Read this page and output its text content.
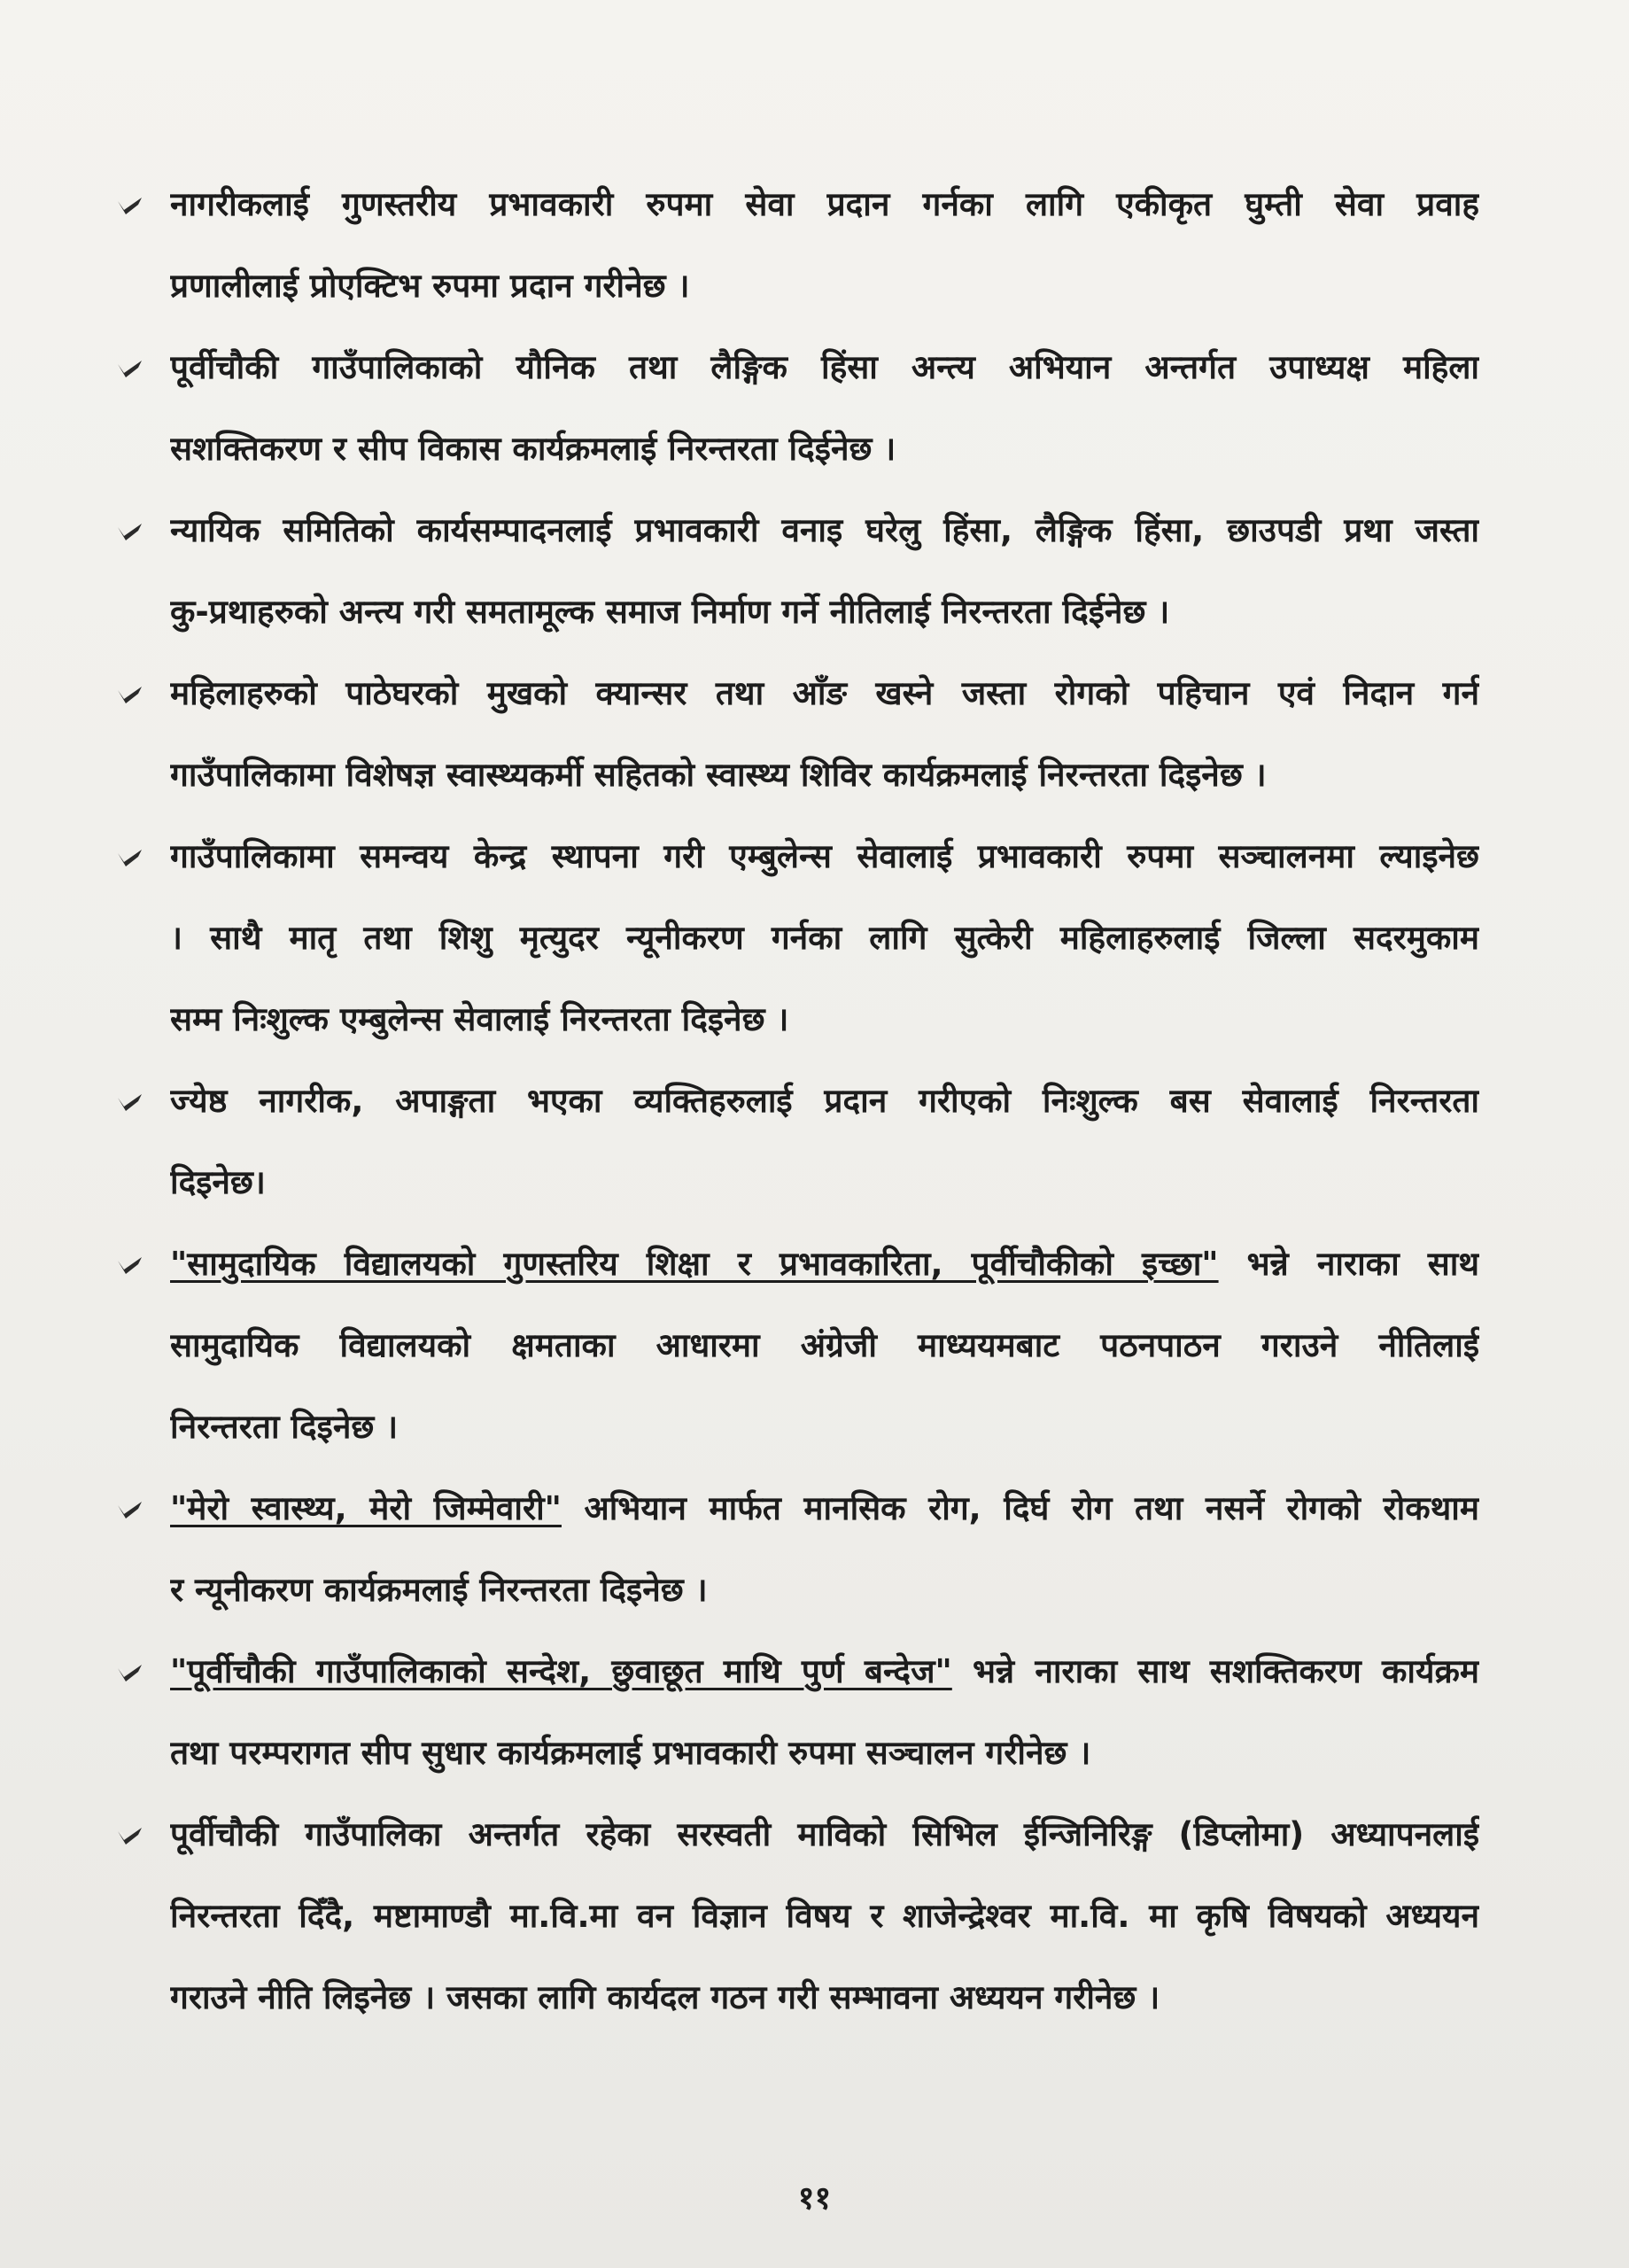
नागरीकलाई गुणस्तरीय प्रभावकारी रुपमा सेवा प्रदान गर्नका लागि एकीकृत घुम्ती सेवा प्रवाह
प्रणालीलाई प्रोएक्टिभ रुपमा प्रदान गरीनेछ ।
पूर्वीचौकी गाउँपालिकाको यौनिक तथा लैङ्गिक हिंसा अन्त्य अभियान अन्तर्गत उपाध्यक्ष महिला
सशक्तिकरण र सीप विकास कार्यक्रमलाई निरन्तरता दिईनेछ ।
न्यायिक समितिको कार्यसम्पादनलाई प्रभावकारी वनाइ घरेलु हिंसा, लैङ्गिक हिंसा, छाउपडी प्रथा जस्ता
कु-प्रथाहरुको अन्त्य गरी समतामूल्क समाज निर्माण गर्ने नीतिलाई निरन्तरता दिईनेछ ।
महिलाहरुको पाठेघरको मुखको क्यान्सर तथा आँङ खस्ने जस्ता रोगको पहिचान एवं निदान गर्न
गाउँपालिकामा विशेषज्ञ स्वास्थ्यकर्मी सहितको स्वास्थ्य शिविर कार्यक्रमलाई निरन्तरता दिइनेछ ।
गाउँपालिकामा समन्वय केन्द्र स्थापना गरी एम्बुलेन्स सेवालाई प्रभावकारी रुपमा सञ्चालनमा ल्याइनेछ
। साथै मातृ तथा शिशु मृत्युदर न्यूनीकरण गर्नका लागि सुत्केरी महिलाहरुलाई जिल्ला सदरमुकाम
सम्म निःशुल्क एम्बुलेन्स सेवालाई निरन्तरता दिइनेछ ।
ज्येष्ठ नागरीक, अपाङ्गता भएका व्यक्तिहरुलाई प्रदान गरीएको निःशुल्क बस सेवालाई निरन्तरता
दिइनेछ।
"सामुदायिक विद्यालयको गुणस्तरिय शिक्षा र प्रभावकारिता, पूर्वीचौकीको इच्छा" भन्ने नाराका साथ
सामुदायिक विद्यालयको क्षमताका आधारमा अंग्रेजी माध्ययमबाट पठनपाठन गराउने नीतिलाई
निरन्तरता दिइनेछ ।
"मेरो स्वास्थ्य, मेरो जिम्मेवारी" अभियान मार्फत मानसिक रोग, दिर्घ रोग तथा नसर्ने रोगको रोकथाम
र न्यूनीकरण कार्यक्रमलाई निरन्तरता दिइनेछ ।
"पूर्वीचौकी गाउँपालिकाको सन्देश, छुवाछूत माथि पुर्ण बन्देज" भन्ने नाराका साथ सशक्तिकरण कार्यक्रम
तथा परम्परागत सीप सुधार कार्यक्रमलाई प्रभावकारी रुपमा सञ्चालन गरीनेछ ।
पूर्वीचौकी गाउँपालिका अन्तर्गत रहेका सरस्वती माविको सिभिल ईन्जिनिरिङ्ग (डिप्लोमा) अध्यापनलाई
निरन्तरता दिँदै, मष्टामाण्डौ मा.वि.मा वन विज्ञान विषय र शाजेन्द्रेश्वर मा.वि. मा कृषि विषयको अध्ययन
गराउने नीति लिइनेछ । जसका लागि कार्यदल गठन गरी सम्भावना अध्ययन गरीनेछ ।
११
